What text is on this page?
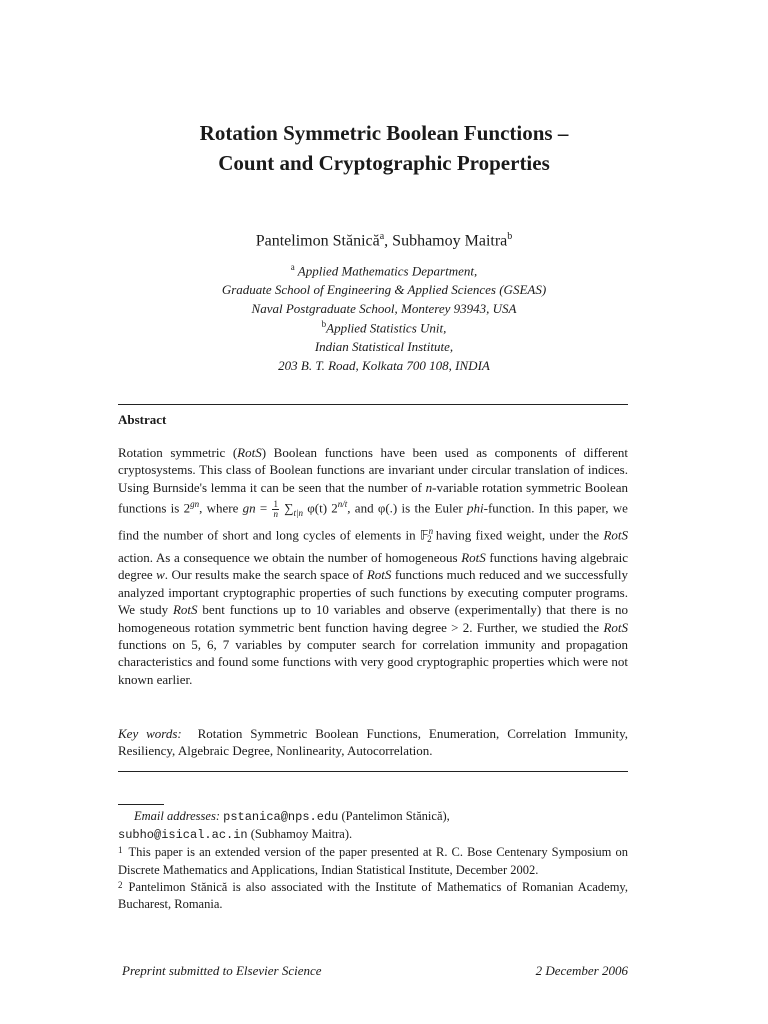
Rotation Symmetric Boolean Functions –
Count and Cryptographic Properties
Pantelimon Stănică$^a$, Subhamoy Maitra$^b$
$^a$ Applied Mathematics Department,
Graduate School of Engineering & Applied Sciences (GSEAS)
Naval Postgraduate School, Monterey 93943, USA
$^b$Applied Statistics Unit,
Indian Statistical Institute,
203 B. T. Road, Kolkata 700 108, INDIA
Abstract

Rotation symmetric (RotS) Boolean functions have been used as components of different cryptosystems. This class of Boolean functions are invariant under circular translation of indices. Using Burnside's lemma it can be seen that the number of n-variable rotation symmetric Boolean functions is $2^{gn}$, where gn = $\frac{1}{n} \sum_{t|n}$ φ(t) $2^{n/t}$, and φ(.) is the Euler phi-function. In this paper, we find the number of short and long cycles of elements in 𝔽$^n_2$ having fixed weight, under the RotS action. As a consequence we obtain the number of homogeneous RotS functions having algebraic degree w. Our results make the search space of RotS functions much reduced and we successfully analyzed important cryptographic properties of such functions by executing computer programs. We study RotS bent functions up to 10 variables and observe (experimentally) that there is no homogeneous rotation symmetric bent function having degree > 2. Further, we studied the RotS functions on 5, 6, 7 variables by computer search for correlation immunity and propagation characteristics and found some functions with very good cryptographic properties which were not known earlier.

Key words: Rotation Symmetric Boolean Functions, Enumeration, Correlation Immunity, Resiliency, Algebraic Degree, Nonlinearity, Autocorrelation.

Email addresses: pstanica@nps.edu (Pantelimon Stănică),

subho@isical.ac.in (Subhamoy Maitra).

$^1$ This paper is an extended version of the paper presented at R. C. Bose Centenary Symposium on Discrete Mathematics and Applications, Indian Statistical Institute, December 2002.

$^2$ Pantelimon Stănică is also associated with the Institute of Mathematics of Romanian Academy, Bucharest, Romania.

Preprint submitted to Elsevier Science	2 December 2006
